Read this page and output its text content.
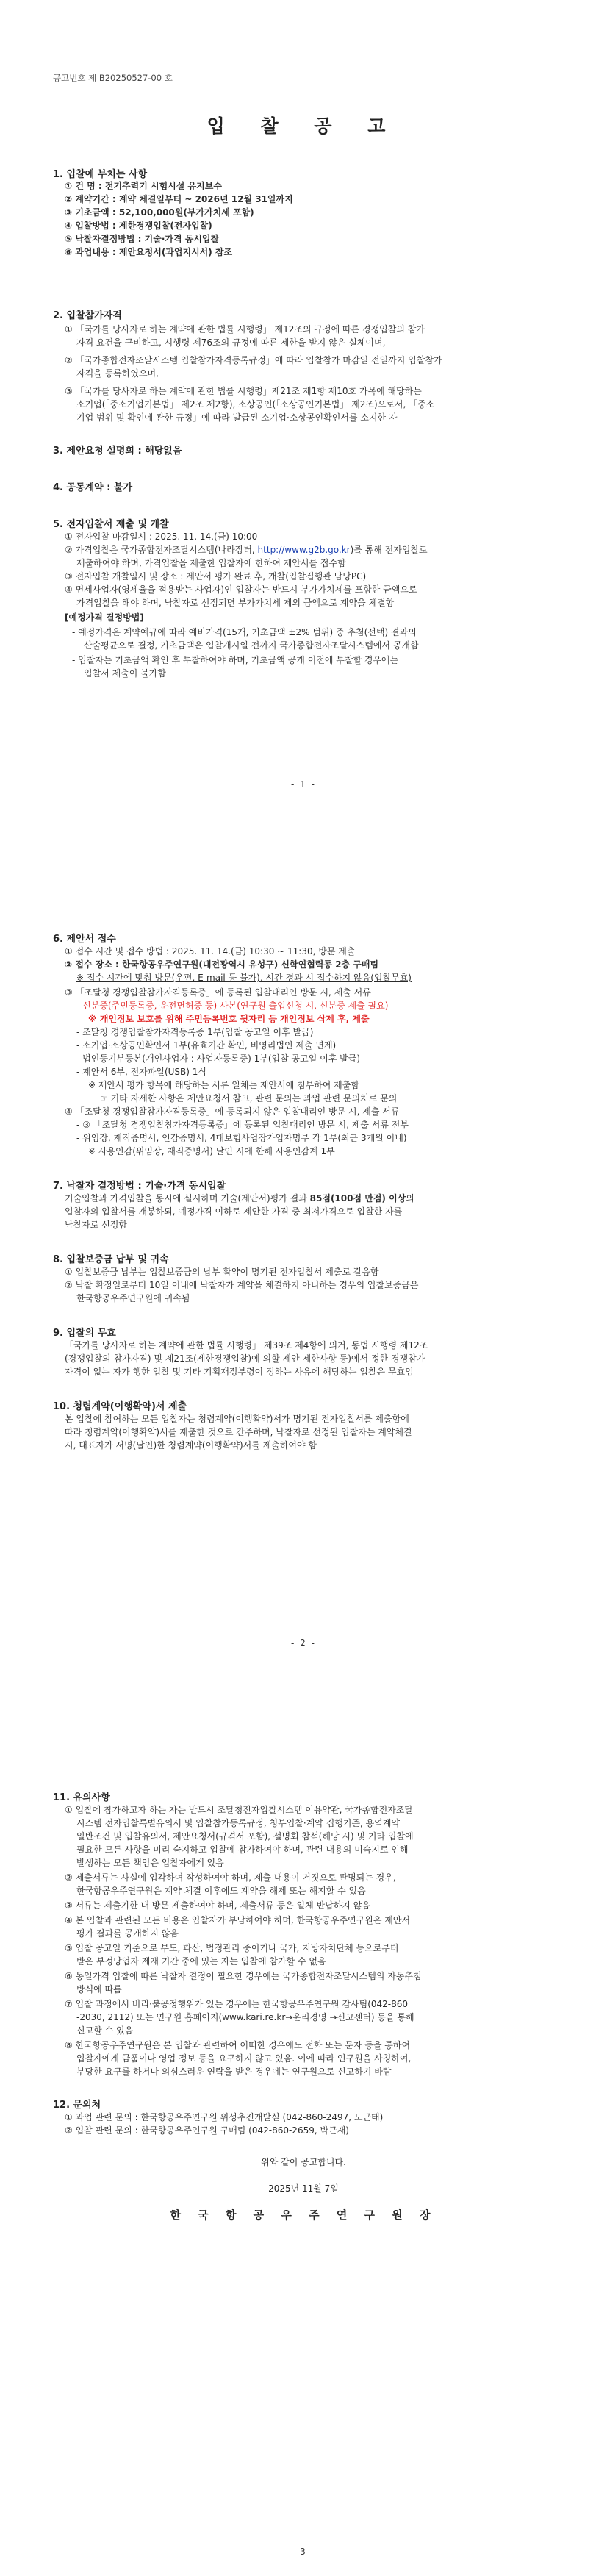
공고번호 제 B20250527-00 호
입 찰 공 고
1. 입찰에 부치는 사항
① 건 명 : 전기추력기 시험시설 유지보수
② 계약기간 : 계약 체결일부터 ~ 2026년 12월 31일까지
③ 기초금액 : 52,100,000원(부가가치세 포함)
④ 입찰방법 : 제한경쟁입찰(전자입찰)
⑤ 낙찰자결정방법 : 기술·가격 동시입찰
⑥ 과업내용 : 제안요청서(과업지시서) 참조
2. 입찰참가자격
① 「국가를 당사자로 하는 계약에 관한 법률 시행령」 제12조의 규정에 따른 경쟁입찰의 참가
자격 요건을 구비하고, 시행령 제76조의 규정에 따른 제한을 받지 않은 실체이며,
② 「국가종합전자조달시스템 입찰참가자격등록규정」에 따라 입찰참가 마감일 전일까지 입찰참가
자격을 등록하였으며,
③ 「국가를 당사자로 하는 계약에 관한 법률 시행령」제21조 제1항 제10호 가목에 해당하는
소기업(「중소기업기본법」 제2조 제2항), 소상공인(「소상공인기본법」 제2조)으로서, 「중소
기업 범위 및 확인에 관한 규정」에 따라 발급된 소기업·소상공인확인서를 소지한 자
3. 제안요청 설명회 : 해당없음
4. 공동계약 : 불가
5. 전자입찰서 제출 및 개찰
① 전자입찰 마감일시 : 2025. 11. 14.(금) 10:00
② 가격입찰은 국가종합전자조달시스템(나라장터, http://www.g2b.go.kr)를 통해 전자입찰로
제출하여야 하며, 가격입찰을 제출한 입찰자에 한하여 제안서를 접수함
③ 전자입찰 개찰일시 및 장소 : 제안서 평가 완료 후, 개찰(입찰집행관 담당PC)
④ 면세사업자(영세율을 적용받는 사업자)인 입찰자는 반드시 부가가치세를 포함한 금액으로
가격입찰을 해야 하며, 낙찰자로 선정되면 부가가치세 제외 금액으로 계약을 체결함
[예정가격 결정방법]
- 예정가격은 계약예규에 따라 예비가격(15개, 기초금액 ±2% 범위) 중 추첨(선택) 결과의
산술평균으로 결정, 기초금액은 입찰개시일 전까지 국가종합전자조달시스템에서 공개함
- 입찰자는 기초금액 확인 후 투찰하여야 하며, 기초금액 공개 이전에 투찰할 경우에는
입찰서 제출이 불가함
- 1 -
6. 제안서 접수
① 접수 시간 및 접수 방법 : 2025. 11. 14.(금) 10:30 ~ 11:30, 방문 제출
② 접수 장소 : 한국항공우주연구원(대전광역시 유성구) 신학연협력동 2층 구매팀
※ 접수 시간에 맞춰 방문(우편, E-mail 등 불가), 시간 경과 시 접수하지 않음(입찰무효)
③ 「조달청 경쟁입찰참가자격등록증」에 등록된 입찰대리인 방문 시, 제출 서류
- 신분증(주민등록증, 운전면허증 등) 사본(연구원 출입신청 시, 신분증 제출 필요)
※ 개인정보 보호를 위해 주민등록번호 뒷자리 등 개인정보 삭제 후, 제출
- 조달청 경쟁입찰참가자격등록증 1부(입찰 공고일 이후 발급)
- 소기업·소상공인확인서 1부(유효기간 확인, 비영리법인 제출 면제)
- 법인등기부등본(개인사업자 : 사업자등록증) 1부(입찰 공고일 이후 발급)
- 제안서 6부, 전자파일(USB) 1식
※ 제안서 평가 항목에 해당하는 서류 일체는 제안서에 첨부하여 제출함
☞ 기타 자세한 사항은 제안요청서 참고, 관련 문의는 과업 관련 문의처로 문의
④ 「조달청 경쟁입찰참가자격등록증」에 등록되지 않은 입찰대리인 방문 시, 제출 서류
- ③ 「조달청 경쟁입찰참가자격등록증」에 등록된 입찰대리인 방문 시, 제출 서류 전부
- 위임장, 재직증명서, 인감증명서, 4대보험사업장가입자명부 각 1부(최근 3개월 이내)
※ 사용인감(위임장, 재직증명서) 날인 시에 한해 사용인감계 1부
7. 낙찰자 결정방법 : 기술·가격 동시입찰
기술입찰과 가격입찰을 동시에 실시하며 기술(제안서)평가 결과 85점(100점 만점) 이상의
입찰자의 입찰서를 개봉하되, 예정가격 이하로 제안한 가격 중 최저가격으로 입찰한 자를
낙찰자로 선정함
8. 입찰보증금 납부 및 귀속
① 입찰보증금 납부는 입찰보증금의 납부 확약이 명기된 전자입찰서 제출로 갈음함
② 낙찰 확정일로부터 10일 이내에 낙찰자가 계약을 체결하지 아니하는 경우의 입찰보증금은
한국항공우주연구원에 귀속됨
9. 입찰의 무효
「국가를 당사자로 하는 계약에 관한 법률 시행령」 제39조 제4항에 의거, 동법 시행령 제12조
(경쟁입찰의 참가자격) 및 제21조(제한경쟁입찰)에 의할 제안 제한사항 등)에서 정한 경쟁참가
자격이 없는 자가 행한 입찰 및 기타 기획재정부령이 정하는 사유에 해당하는 입찰은 무효임
10. 청렴계약(이행확약)서 제출
본 입찰에 참여하는 모든 입찰자는 청렴계약(이행확약)서가 명기된 전자입찰서를 제출함에
따라 청렴계약(이행확약)서를 제출한 것으로 간주하며, 낙찰자로 선정된 입찰자는 계약체결
시, 대표자가 서명(날인)한 청렴계약(이행확약)서를 제출하여야 함
- 2 -
11. 유의사항
① 입찰에 참가하고자 하는 자는 반드시 조달청전자입찰시스템 이용약관, 국가종합전자조달
시스템 전자입찰특별유의서 및 입찰참가등록규정, 청부입찰·계약 집행기준, 용역계약
일반조건 및 입찰유의서, 제안요청서(규격서 포함), 설명회 참석(해당 시) 및 기타 입찰에
필요한 모든 사항을 미리 숙지하고 입찰에 참가하여야 하며, 관련 내용의 미숙지로 인해
발생하는 모든 책임은 입찰자에게 있음
② 제출서류는 사실에 입각하여 작성하여야 하며, 제출 내용이 거짓으로 판명되는 경우,
한국항공우주연구원은 계약 체결 이후에도 계약을 해제 또는 해지할 수 있음
③ 서류는 제출기한 내 방문 제출하여야 하며, 제출서류 등은 일체 반납하지 않음
④ 본 입찰과 관련된 모든 비용은 입찰자가 부담하여야 하며, 한국항공우주연구원은 제안서
평가 결과를 공개하지 않음
⑤ 입찰 공고일 기준으로 부도, 파산, 법정관리 중이거나 국가, 지방자치단체 등으로부터
받은 부정당업자 제재 기간 중에 있는 자는 입찰에 참가할 수 없음
⑥ 동일가격 입찰에 따른 낙찰자 결정이 필요한 경우에는 국가종합전자조달시스템의 자동추첨
방식에 따름
⑦ 입찰 과정에서 비리·불공정행위가 있는 경우에는 한국항공우주연구원 감사팀(042-860
-2030, 2112) 또는 연구원 홈페이지(www.kari.re.kr→윤리경영 →신고센터) 등을 통해
신고할 수 있음
⑧ 한국항공우주연구원은 본 입찰과 관련하여 어떠한 경우에도 전화 또는 문자 등을 통하여
입찰자에게 금품이나 영업 정보 등을 요구하지 않고 있음. 이에 따라 연구원을 사칭하여,
부당한 요구를 하거나 의심스러운 연락을 받은 경우에는 연구원으로 신고하기 바람
12. 문의처
① 과업 관련 문의 : 한국항공우주연구원 위성추진개발실 (042-860-2497, 도근태)
② 입찰 관련 문의 : 한국항공우주연구원 구매팀 (042-860-2659, 박근재)
위와 같이 공고합니다.
2025년 11월 7일
한 국 항 공 우 주 연 구 원 장
- 3 -
